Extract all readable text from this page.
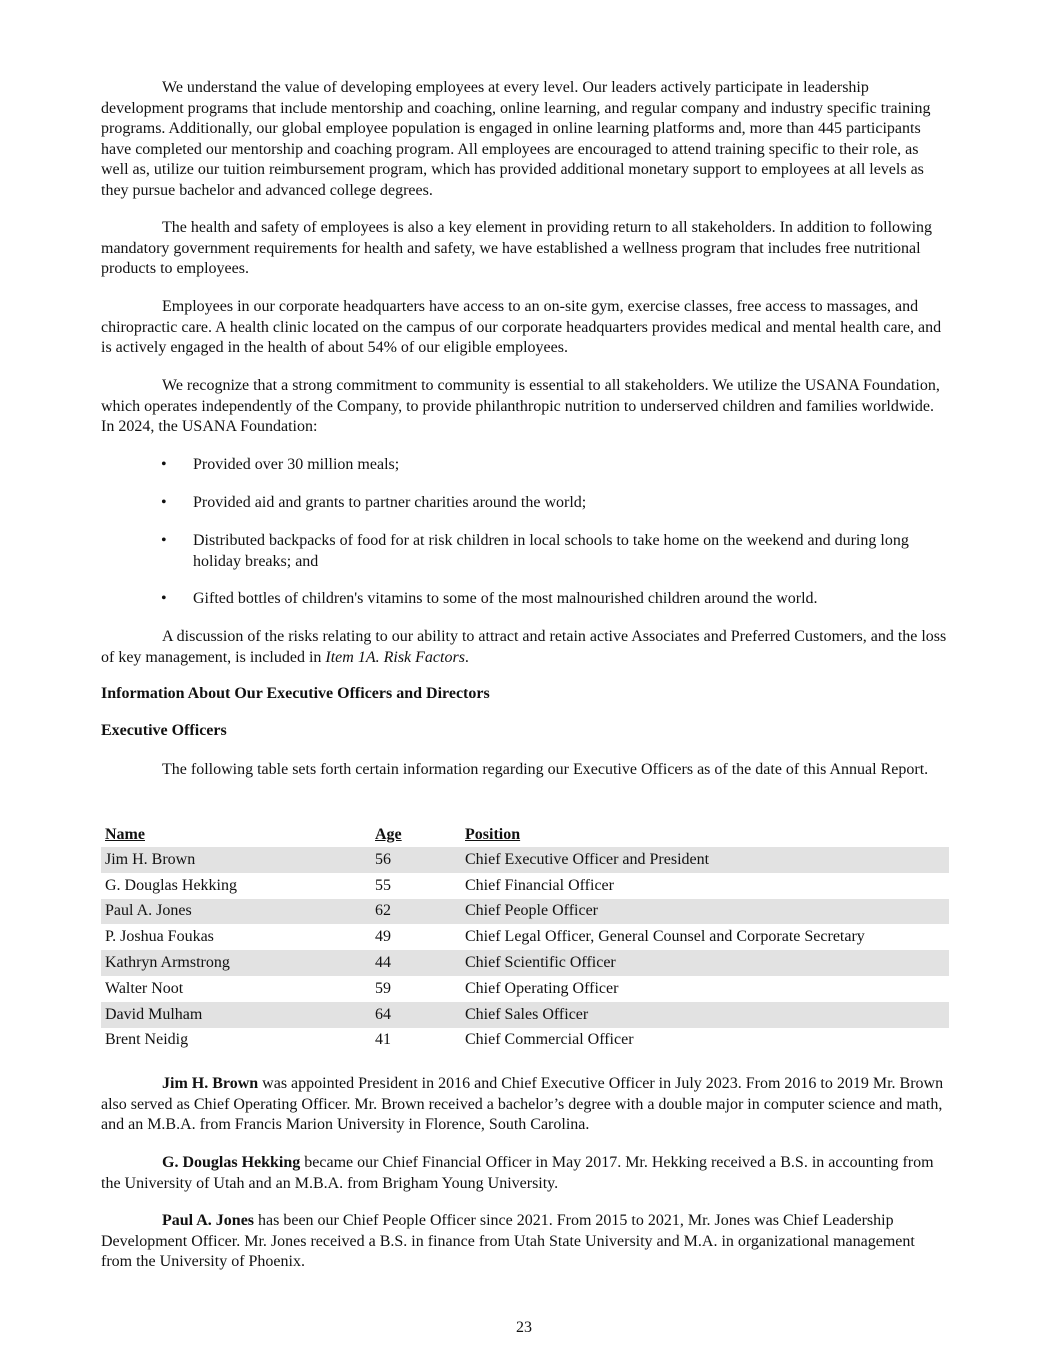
We understand the value of developing employees at every level. Our leaders actively participate in leadership development programs that include mentorship and coaching, online learning, and regular company and industry specific training programs. Additionally, our global employee population is engaged in online learning platforms and, more than 445 participants have completed our mentorship and coaching program. All employees are encouraged to attend training specific to their role, as well as, utilize our tuition reimbursement program, which has provided additional monetary support to employees at all levels as they pursue bachelor and advanced college degrees.

The health and safety of employees is also a key element in providing return to all stakeholders. In addition to following mandatory government requirements for health and safety, we have established a wellness program that includes free nutritional products to employees.

Employees in our corporate headquarters have access to an on-site gym, exercise classes, free access to massages, and chiropractic care. A health clinic located on the campus of our corporate headquarters provides medical and mental health care, and is actively engaged in the health of about 54% of our eligible employees.

We recognize that a strong commitment to community is essential to all stakeholders. We utilize the USANA Foundation, which operates independently of the Company, to provide philanthropic nutrition to underserved children and families worldwide. In 2024, the USANA Foundation:

• Provided over 30 million meals;
• Provided aid and grants to partner charities around the world;
• Distributed backpacks of food for at risk children in local schools to take home on the weekend and during long holiday breaks; and
• Gifted bottles of children's vitamins to some of the most malnourished children around the world.

A discussion of the risks relating to our ability to attract and retain active Associates and Preferred Customers, and the loss of key management, is included in Item 1A. Risk Factors.

Information About Our Executive Officers and Directors
Executive Officers

The following table sets forth certain information regarding our Executive Officers as of the date of this Annual Report.

Name	Age	Position
Jim H. Brown	56	Chief Executive Officer and President
G. Douglas Hekking	55	Chief Financial Officer
Paul A. Jones	62	Chief People Officer
P. Joshua Foukas	49	Chief Legal Officer, General Counsel and Corporate Secretary
Kathryn Armstrong	44	Chief Scientific Officer
Walter Noot	59	Chief Operating Officer
David Mulham	64	Chief Sales Officer
Brent Neidig	41	Chief Commercial Officer

Jim H. Brown was appointed President in 2016 and Chief Executive Officer in July 2023. From 2016 to 2019 Mr. Brown also served as Chief Operating Officer. Mr. Brown received a bachelor’s degree with a double major in computer science and math, and an M.B.A. from Francis Marion University in Florence, South Carolina.

G. Douglas Hekking became our Chief Financial Officer in May 2017. Mr. Hekking received a B.S. in accounting from the University of Utah and an M.B.A. from Brigham Young University.

Paul A. Jones has been our Chief People Officer since 2021. From 2015 to 2021, Mr. Jones was Chief Leadership Development Officer. Mr. Jones received a B.S. in finance from Utah State University and M.A. in organizational management from the University of Phoenix.

23
